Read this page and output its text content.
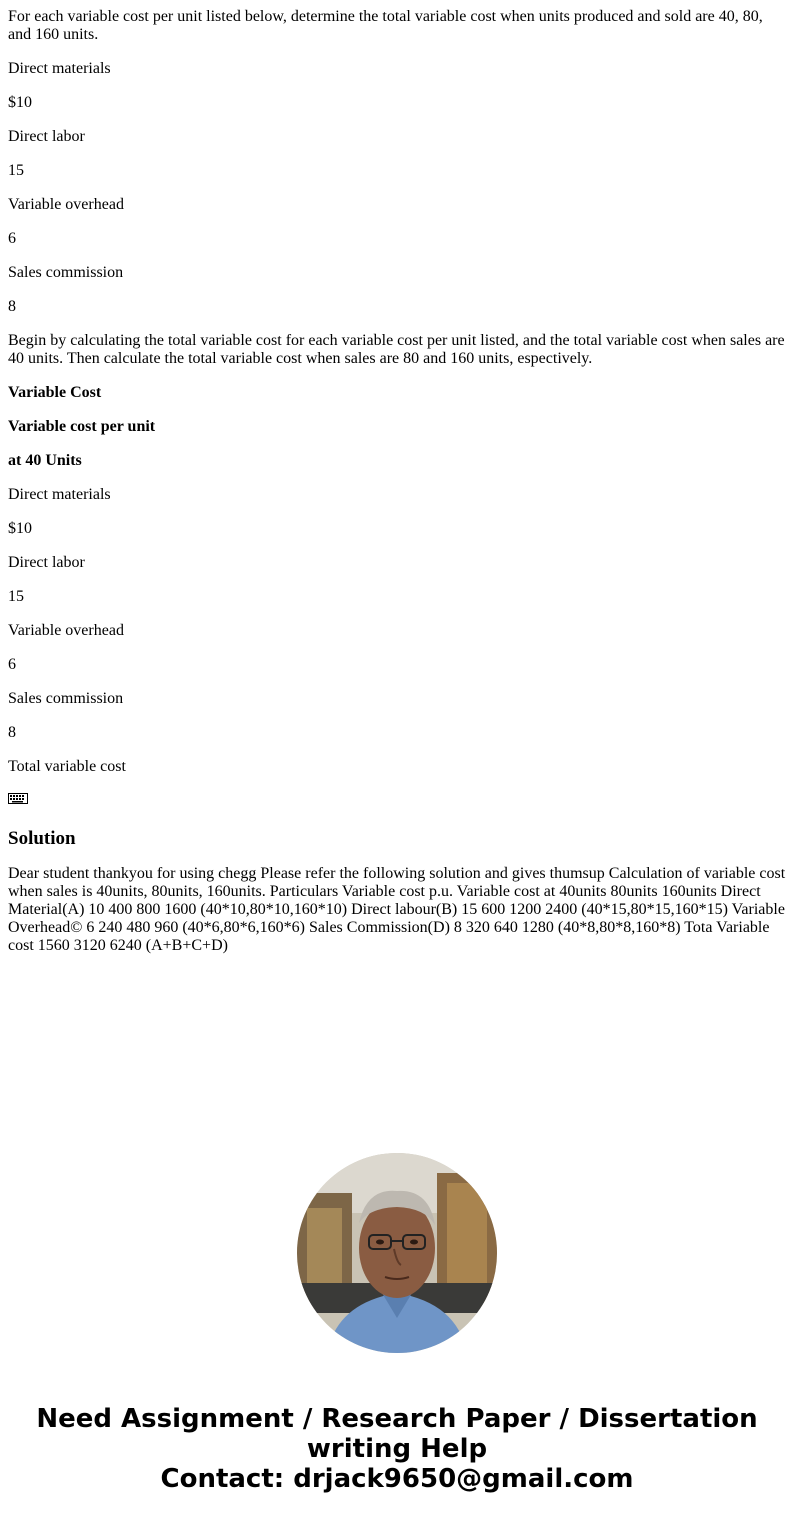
For each variable cost per unit listed below, determine the total variable cost when units produced and sold are 40, 80, and 160 units.

Direct materials

$10

Direct labor

15

Variable overhead

6

Sales commission

8

Begin by calculating the total variable cost for each variable cost per unit listed, and the total variable cost when sales are 40 units. Then calculate the total variable cost when sales are 80 and 160 units, espectively.

Variable Cost

Variable cost per unit

at 40 Units

Direct materials

$10

Direct labor

15

Variable overhead

6

Sales commission

8

Total variable cost

Solution

Dear student thankyou for using chegg Please refer the following solution and gives thumsup Calculation of variable cost when sales is 40units, 80units, 160units. Particulars Variable cost p.u. Variable cost at 40units 80units 160units Direct Material(A) 10 400 800 1600 (40*10,80*10,160*10) Direct labour(B) 15 600 1200 2400 (40*15,80*15,160*15) Variable Overhead© 6 240 480 960 (40*6,80*6,160*6) Sales Commission(D) 8 320 640 1280 (40*8,80*8,160*8) Tota Variable cost 1560 3120 6240 (A+B+C+D)

Need Assignment / Research Paper / Dissertation
writing Help
Contact: drjack9650@gmail.com
